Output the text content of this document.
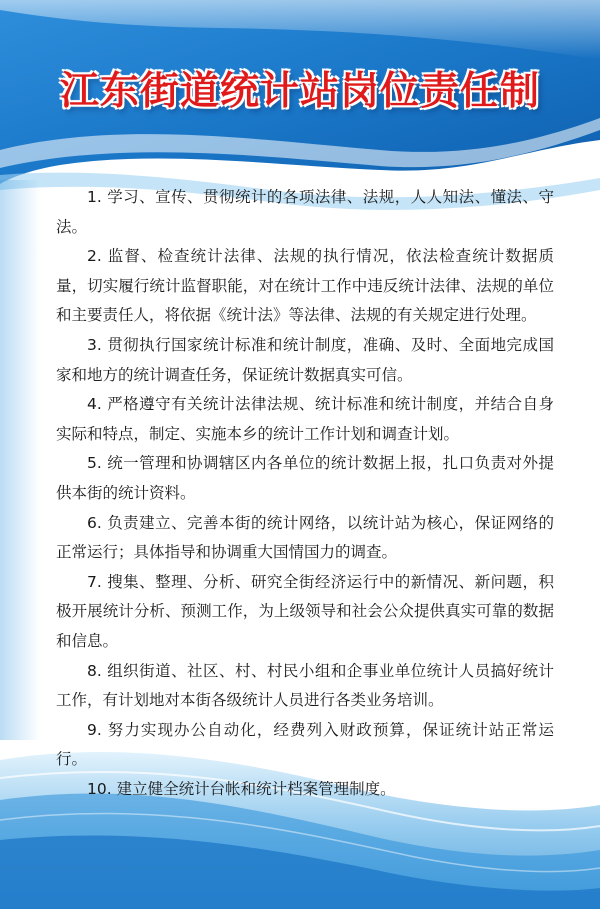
江东街道统计站岗位责任制

1. 学习、宣传、贯彻统计的各项法律、法规，人人知法、懂法、守法。

2. 监督、检查统计法律、法规的执行情况，依法检查统计数据质量，切实履行统计监督职能，对在统计工作中违反统计法律、法规的单位和主要责任人，将依据《统计法》等法律、法规的有关规定进行处理。

3. 贯彻执行国家统计标准和统计制度，准确、及时、全面地完成国家和地方的统计调查任务，保证统计数据真实可信。

4. 严格遵守有关统计法律法规、统计标准和统计制度，并结合自身实际和特点，制定、实施本乡的统计工作计划和调查计划。

5. 统一管理和协调辖区内各单位的统计数据上报，扎口负责对外提供本街的统计资料。

6. 负责建立、完善本街的统计网络，以统计站为核心，保证网络的正常运行；具体指导和协调重大国情国力的调查。

7. 搜集、整理、分析、研究全街经济运行中的新情况、新问题，积极开展统计分析、预测工作，为上级领导和社会公众提供真实可靠的数据和信息。

8. 组织街道、社区、村、村民小组和企事业单位统计人员搞好统计工作，有计划地对本街各级统计人员进行各类业务培训。

9. 努力实现办公自动化，经费列入财政预算，保证统计站正常运行。

10. 建立健全统计台帐和统计档案管理制度。
